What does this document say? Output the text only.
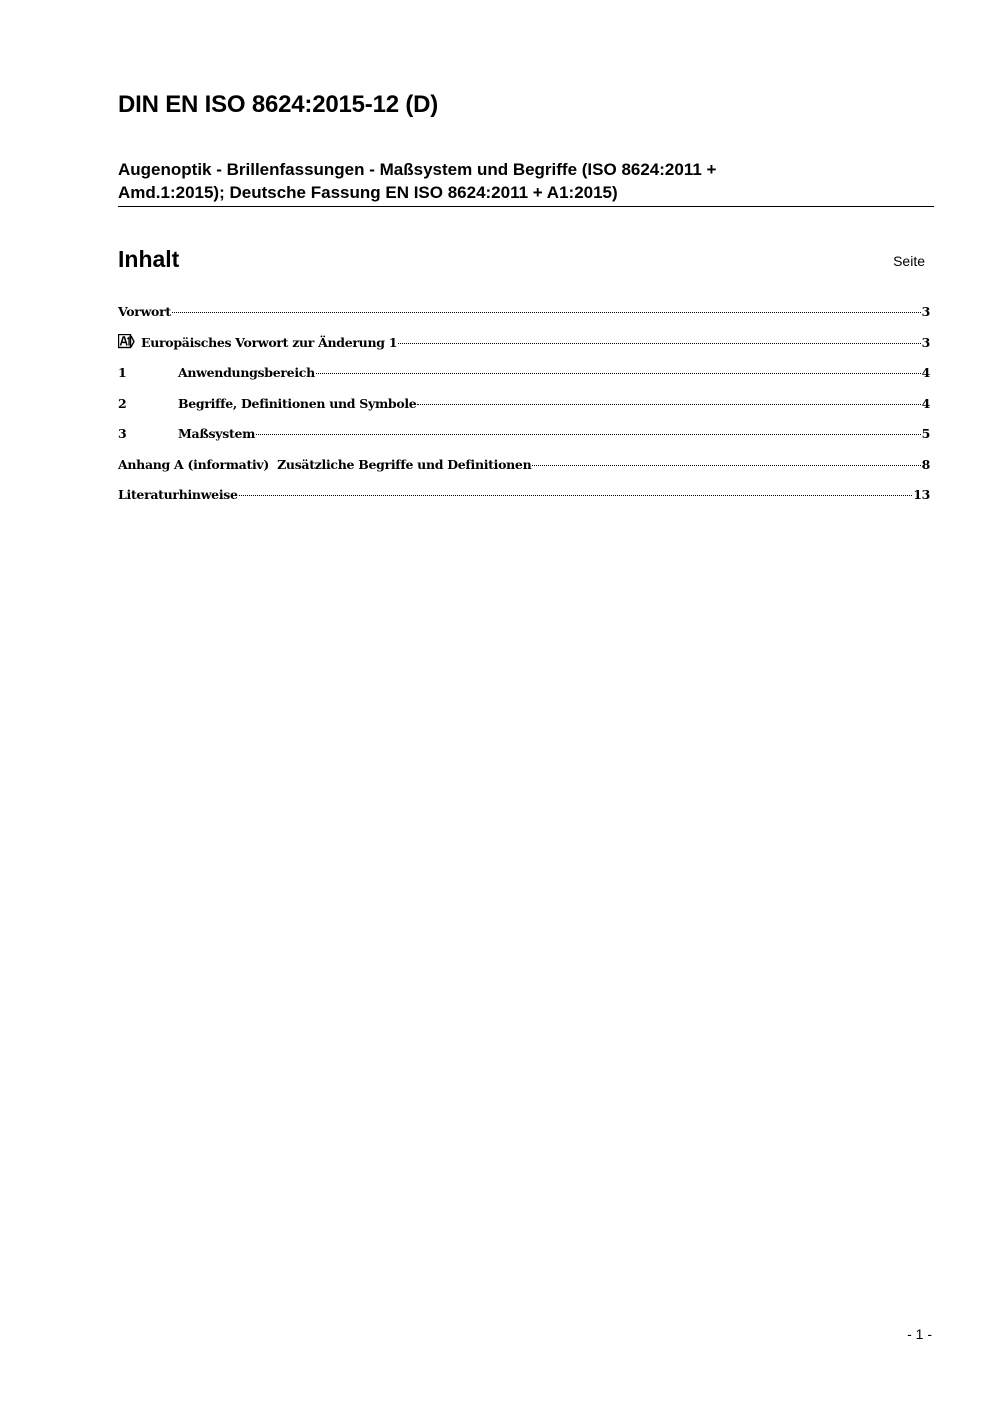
DIN EN ISO 8624:2015-12 (D)
Augenoptik - Brillenfassungen - Maßsystem und Begriffe (ISO 8624:2011 +
Amd.1:2015); Deutsche Fassung EN ISO 8624:2011 + A1:2015)
Inhalt	Seite
Vorwort	3
Europäisches Vorwort zur Änderung 1	3
1	Anwendungsbereich	4
2	Begriffe, Definitionen und Symbole	4
3	Maßsystem	5
Anhang A (informativ)  Zusätzliche Begriffe und Definitionen	8
Literaturhinweise	13
- 1 -
